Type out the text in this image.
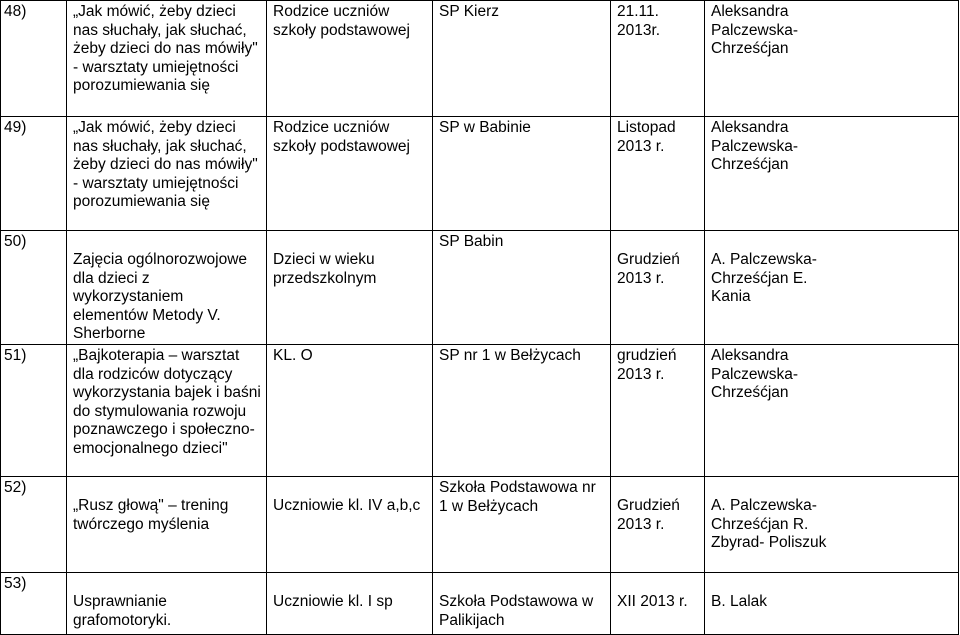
48)	„Jak mówić, żeby dzieci nas słuchały, jak słuchać, żeby dzieci do nas mówiły" - warsztaty umiejętności porozumiewania się	Rodzice uczniów szkoły podstawowej	SP Kierz	21.11. 2013r.	Aleksandra Palczewska- Chrześćjan
49)	„Jak mówić, żeby dzieci nas słuchały, jak słuchać, żeby dzieci do nas mówiły" - warsztaty umiejętności porozumiewania się	Rodzice uczniów szkoły podstawowej	SP w Babinie	Listopad 2013 r.	Aleksandra Palczewska- Chrześćjan
50)	Zajęcia ogólnorozwojowe dla dzieci z wykorzystaniem elementów Metody V. Sherborne	Dzieci w wieku przedszkolnym	SP Babin	Grudzień 2013 r.	A. Palczewska- Chrześćjan E. Kania
51)	„Bajkoterapia – warsztat dla rodziców dotyczący wykorzystania bajek i baśni do stymulowania rozwoju poznawczego i społeczno-emocjonalnego dzieci"	KL. O	SP nr 1 w Bełżycach	grudzień 2013 r.	Aleksandra Palczewska- Chrześćjan
52)	„Rusz głową" – trening twórczego myślenia	Uczniowie kl. IV a,b,c	Szkoła Podstawowa nr 1 w Bełżycach	Grudzień 2013 r.	A. Palczewska- Chrześćjan R. Zbyrad- Poliszuk
53)	Usprawnianie grafomotoryki.	Uczniowie kl. I sp	Szkoła Podstawowa w Palikijach	XII 2013 r.	B. Lalak
